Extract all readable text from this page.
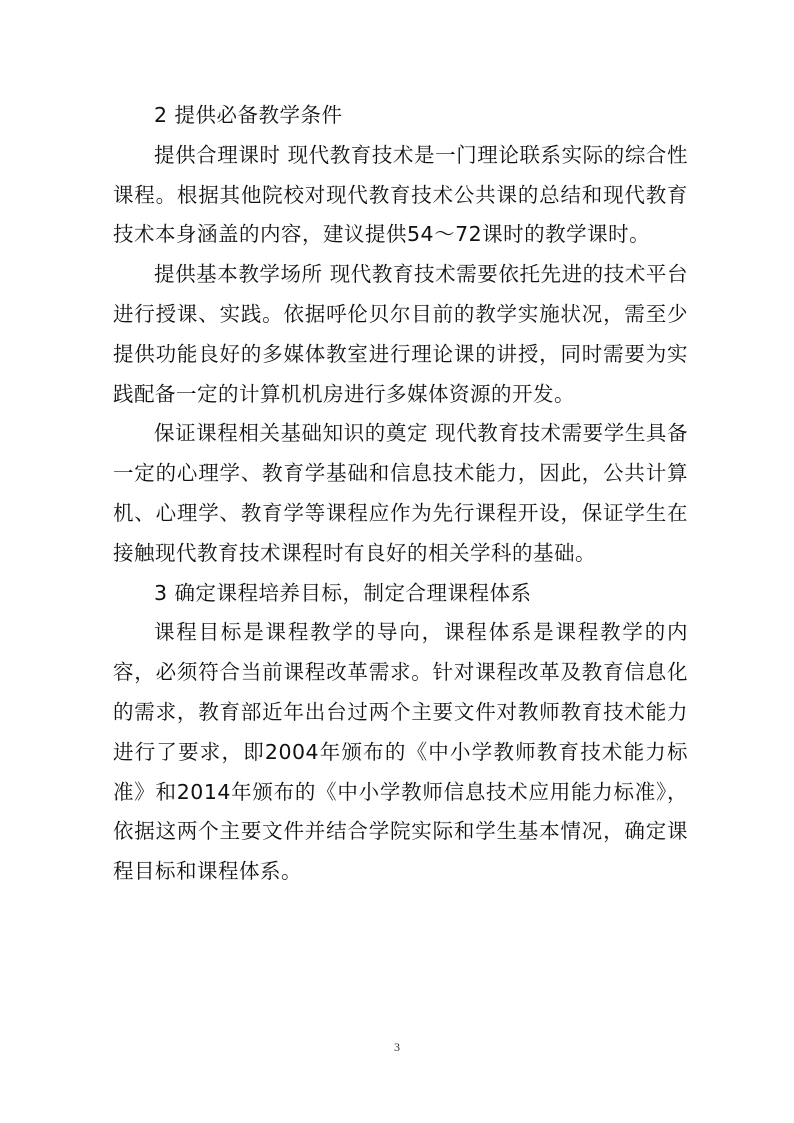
2 提供必备教学条件

提供合理课时 现代教育技术是一门理论联系实际的综合性课程。根据其他院校对现代教育技术公共课的总结和现代教育技术本身涵盖的内容，建议提供54～72课时的教学课时。

提供基本教学场所 现代教育技术需要依托先进的技术平台进行授课、实践。依据呼伦贝尔目前的教学实施状况，需至少提供功能良好的多媒体教室进行理论课的讲授，同时需要为实践配备一定的计算机机房进行多媒体资源的开发。

保证课程相关基础知识的奠定 现代教育技术需要学生具备一定的心理学、教育学基础和信息技术能力，因此，公共计算机、心理学、教育学等课程应作为先行课程开设，保证学生在接触现代教育技术课程时有良好的相关学科的基础。

3 确定课程培养目标，制定合理课程体系

课程目标是课程教学的导向，课程体系是课程教学的内容，必须符合当前课程改革需求。针对课程改革及教育信息化的需求，教育部近年出台过两个主要文件对教师教育技术能力进行了要求，即2004年颁布的《中小学教师教育技术能力标准》和2014年颁布的《中小学教师信息技术应用能力标准》，依据这两个主要文件并结合学院实际和学生基本情况，确定课程目标和课程体系。

3
